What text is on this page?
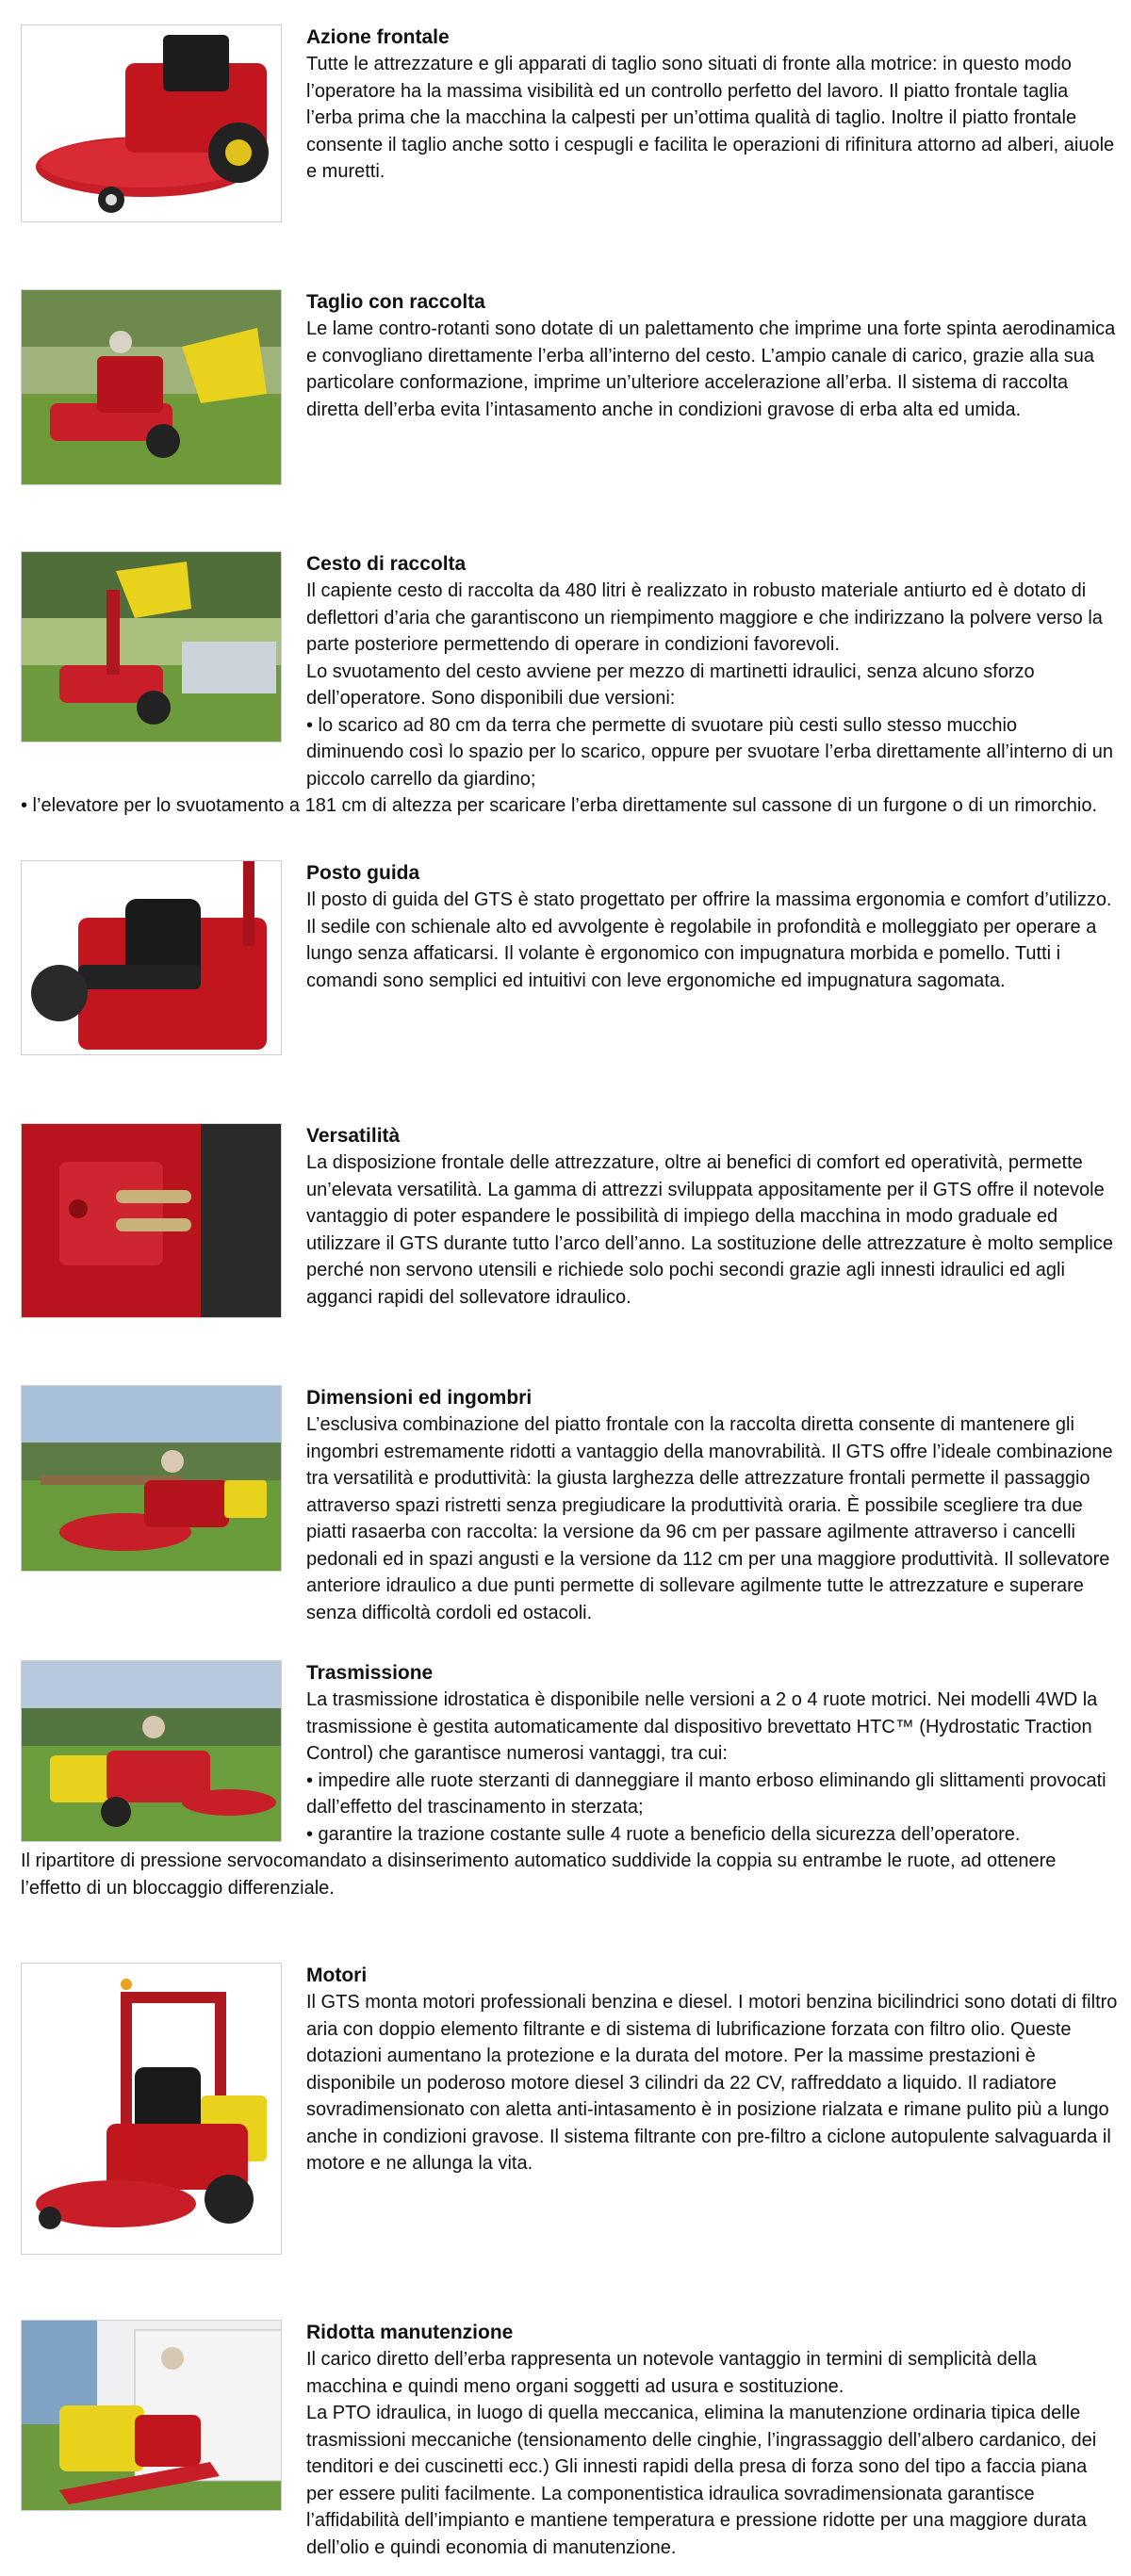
Azione frontale

Tutte le attrezzature e gli apparati di taglio sono situati di fronte alla motrice: in questo modo l’operatore ha la massima visibilità ed un controllo perfetto del lavoro. Il piatto frontale taglia l’erba prima che la macchina la calpesti per un’ottima qualità di taglio. Inoltre il piatto frontale consente il taglio anche sotto i cespugli e facilita le operazioni di rifinitura attorno ad alberi, aiuole e muretti.

Taglio con raccolta

Le lame contro-rotanti sono dotate di un palettamento che imprime una forte spinta aerodinamica e convogliano direttamente l’erba all’interno del cesto. L’ampio canale di carico, grazie alla sua particolare conformazione, imprime un’ulteriore accelerazione all’erba. Il sistema di raccolta diretta dell’erba evita l’intasamento anche in condizioni gravose di erba alta ed umida.

Cesto di raccolta

Il capiente cesto di raccolta da 480 litri è realizzato in robusto materiale antiurto ed è dotato di deflettori d’aria che garantiscono un riempimento maggiore e che indirizzano la polvere verso la parte posteriore permettendo di operare in condizioni favorevoli.

Lo svuotamento del cesto avviene per mezzo di martinetti idraulici, senza alcuno sforzo dell’operatore. Sono disponibili due versioni:

• lo scarico ad 80 cm da terra che permette di svuotare più cesti sullo stesso mucchio diminuendo così lo spazio per lo scarico, oppure per svuotare l’erba direttamente all’interno di un piccolo carrello da giardino;

• l’elevatore per lo svuotamento a 181 cm di altezza per scaricare l’erba direttamente sul cassone di un furgone o di un rimorchio.

Posto guida

Il posto di guida del GTS è stato progettato per offrire la massima ergonomia e comfort d’utilizzo. Il sedile con schienale alto ed avvolgente è regolabile in profondità e molleggiato per operare a lungo senza affaticarsi. Il volante è ergonomico con impugnatura morbida e pomello. Tutti i comandi sono semplici ed intuitivi con leve ergonomiche ed impugnatura sagomata.

Versatilità

La disposizione frontale delle attrezzature, oltre ai benefici di comfort ed operatività, permette un’elevata versatilità. La gamma di attrezzi sviluppata appositamente per il GTS offre il notevole vantaggio di poter espandere le possibilità di impiego della macchina in modo graduale ed utilizzare il GTS durante tutto l’arco dell’anno. La sostituzione delle attrezzature è molto semplice perché non servono utensili e richiede solo pochi secondi grazie agli innesti idraulici ed agli agganci rapidi del sollevatore idraulico.

Dimensioni ed ingombri

L’esclusiva combinazione del piatto frontale con la raccolta diretta consente di mantenere gli ingombri estremamente ridotti a vantaggio della manovrabilità. Il GTS offre l’ideale combinazione tra versatilità e produttività: la giusta larghezza delle attrezzature frontali permette il passaggio attraverso spazi ristretti senza pregiudicare la produttività oraria. È possibile scegliere tra due piatti rasaerba con raccolta: la versione da 96 cm per passare agilmente attraverso i cancelli pedonali ed in spazi angusti e la versione da 112 cm per una maggiore produttività. Il sollevatore anteriore idraulico a due punti permette di sollevare agilmente tutte le attrezzature e superare senza difficoltà cordoli ed ostacoli.

Trasmissione

La trasmissione idrostatica è disponibile nelle versioni a 2 o 4 ruote motrici. Nei modelli 4WD la trasmissione è gestita automaticamente dal dispositivo brevettato HTC™ (Hydrostatic Traction Control) che garantisce numerosi vantaggi, tra cui:

• impedire alle ruote sterzanti di danneggiare il manto erboso eliminando gli slittamenti provocati dall’effetto del trascinamento in sterzata;

• garantire la trazione costante sulle 4 ruote a beneficio della sicurezza dell’operatore.

Il ripartitore di pressione servocomandato a disinserimento automatico suddivide la coppia su entrambe le ruote, ad ottenere l’effetto di un bloccaggio differenziale.

Motori

Il GTS monta motori professionali benzina e diesel. I motori benzina bicilindrici sono dotati di filtro aria con doppio elemento filtrante e di sistema di lubrificazione forzata con filtro olio. Queste dotazioni aumentano la protezione e la durata del motore. Per la massime prestazioni è disponibile un poderoso motore diesel 3 cilindri da 22 CV, raffreddato a liquido. Il radiatore sovradimensionato con aletta anti-intasamento è in posizione rialzata e rimane pulito più a lungo anche in condizioni gravose. Il sistema filtrante con pre-filtro a ciclone autopulente salvaguarda il motore e ne allunga la vita.

Ridotta manutenzione

Il carico diretto dell’erba rappresenta un notevole vantaggio in termini di semplicità della macchina e quindi meno organi soggetti ad usura e sostituzione.

La PTO idraulica, in luogo di quella meccanica, elimina la manutenzione ordinaria tipica delle trasmissioni meccaniche (tensionamento delle cinghie, l’ingrassaggio dell’albero cardanico, dei tenditori e dei cuscinetti ecc.) Gli innesti rapidi della presa di forza sono del tipo a faccia piana per essere puliti facilmente. La componentistica idraulica sovradimensionata garantisce l’affidabilità dell’impianto e mantiene temperatura e pressione ridotte per una maggiore durata dell’olio e quindi economia di manutenzione.
